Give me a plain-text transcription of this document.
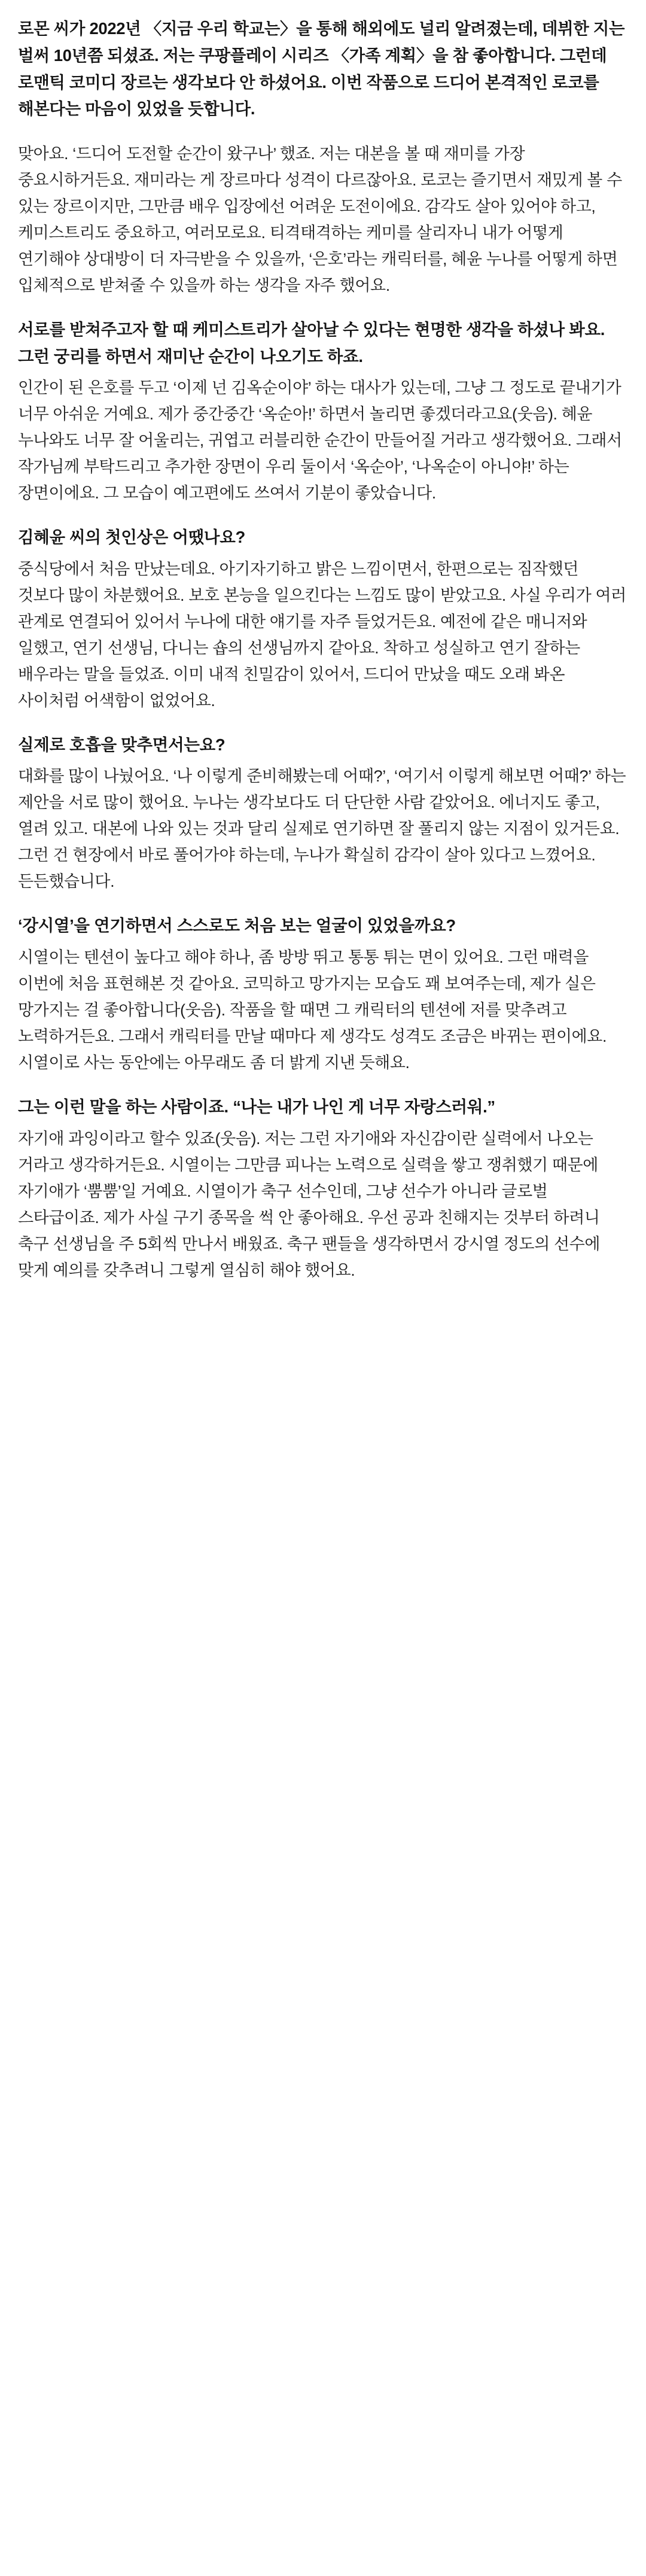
로몬 씨가 2022년 〈지금 우리 학교는〉을 통해 해외에도 널리 알려졌는데, 데뷔한 지는 벌써 10년쯤 되셨죠. 저는 쿠팡플레이 시리즈 〈가족 계획〉을 참 좋아합니다. 그런데 로맨틱 코미디 장르는 생각보다 안 하셨어요. 이번 작품으로 드디어 본격적인 로코를 해본다는 마음이 있었을 듯합니다.

맞아요. ‘드디어 도전할 순간이 왔구나’ 했죠. 저는 대본을 볼 때 재미를 가장 중요시하거든요. 재미라는 게 장르마다 성격이 다르잖아요. 로코는 즐기면서 재밌게 볼 수 있는 장르이지만, 그만큼 배우 입장에선 어려운 도전이에요. 감각도 살아 있어야 하고, 케미스트리도 중요하고, 여러모로요. 티격태격하는 케미를 살리자니 내가 어떻게 연기해야 상대방이 더 자극받을 수 있을까, ‘은호’라는 캐릭터를, 혜윤 누나를 어떻게 하면 입체적으로 받쳐줄 수 있을까 하는 생각을 자주 했어요.

서로를 받쳐주고자 할 때 케미스트리가 살아날 수 있다는 현명한 생각을 하셨나 봐요. 그런 궁리를 하면서 재미난 순간이 나오기도 하죠.

인간이 된 은호를 두고 ‘이제 넌 김옥순이야’ 하는 대사가 있는데, 그냥 그 정도로 끝내기가 너무 아쉬운 거예요. 제가 중간중간 ‘옥순아!’ 하면서 놀리면 좋겠더라고요(웃음). 혜윤 누나와도 너무 잘 어울리는, 귀엽고 러블리한 순간이 만들어질 거라고 생각했어요. 그래서 작가님께 부탁드리고 추가한 장면이 우리 둘이서 ‘옥순아’, ‘나옥순이 아니야!’ 하는 장면이에요. 그 모습이 예고편에도 쓰여서 기분이 좋았습니다.

김혜윤 씨의 첫인상은 어땠나요?

중식당에서 처음 만났는데요. 아기자기하고 밝은 느낌이면서, 한편으로는 짐작했던 것보다 많이 차분했어요. 보호 본능을 일으킨다는 느낌도 많이 받았고요. 사실 우리가 여러 관계로 연결되어 있어서 누나에 대한 얘기를 자주 들었거든요. 예전에 같은 매니저와 일했고, 연기 선생님, 다니는 숍의 선생님까지 같아요. 착하고 성실하고 연기 잘하는 배우라는 말을 들었죠. 이미 내적 친밀감이 있어서, 드디어 만났을 때도 오래 봐온 사이처럼 어색함이 없었어요.

실제로 호흡을 맞추면서는요?

대화를 많이 나눴어요. ‘나 이렇게 준비해봤는데 어때?’, ‘여기서 이렇게 해보면 어때?’ 하는 제안을 서로 많이 했어요. 누나는 생각보다도 더 단단한 사람 같았어요. 에너지도 좋고, 열려 있고. 대본에 나와 있는 것과 달리 실제로 연기하면 잘 풀리지 않는 지점이 있거든요. 그런 건 현장에서 바로 풀어가야 하는데, 누나가 확실히 감각이 살아 있다고 느꼈어요. 든든했습니다.

‘강시열’을 연기하면서 스스로도 처음 보는 얼굴이 있었을까요?

시열이는 텐션이 높다고 해야 하나, 좀 방방 뛰고 통통 튀는 면이 있어요. 그런 매력을 이번에 처음 표현해본 것 같아요. 코믹하고 망가지는 모습도 꽤 보여주는데, 제가 실은 망가지는 걸 좋아합니다(웃음). 작품을 할 때면 그 캐릭터의 텐션에 저를 맞추려고 노력하거든요. 그래서 캐릭터를 만날 때마다 제 생각도 성격도 조금은 바뀌는 편이에요. 시열이로 사는 동안에는 아무래도 좀 더 밝게 지낸 듯해요.

그는 이런 말을 하는 사람이죠. “나는 내가 나인 게 너무 자랑스러워.”

자기애 과잉이라고 할수 있죠(웃음). 저는 그런 자기애와 자신감이란 실력에서 나오는 거라고 생각하거든요. 시열이는 그만큼 피나는 노력으로 실력을 쌓고 쟁취했기 때문에 자기애가 ‘뿜뿜’일 거예요. 시열이가 축구 선수인데, 그냥 선수가 아니라 글로벌 스타급이죠. 제가 사실 구기 종목을 썩 안 좋아해요. 우선 공과 친해지는 것부터 하려니 축구 선생님을 주 5회씩 만나서 배웠죠. 축구 팬들을 생각하면서 강시열 정도의 선수에 맞게 예의를 갖추려니 그렇게 열심히 해야 했어요.
